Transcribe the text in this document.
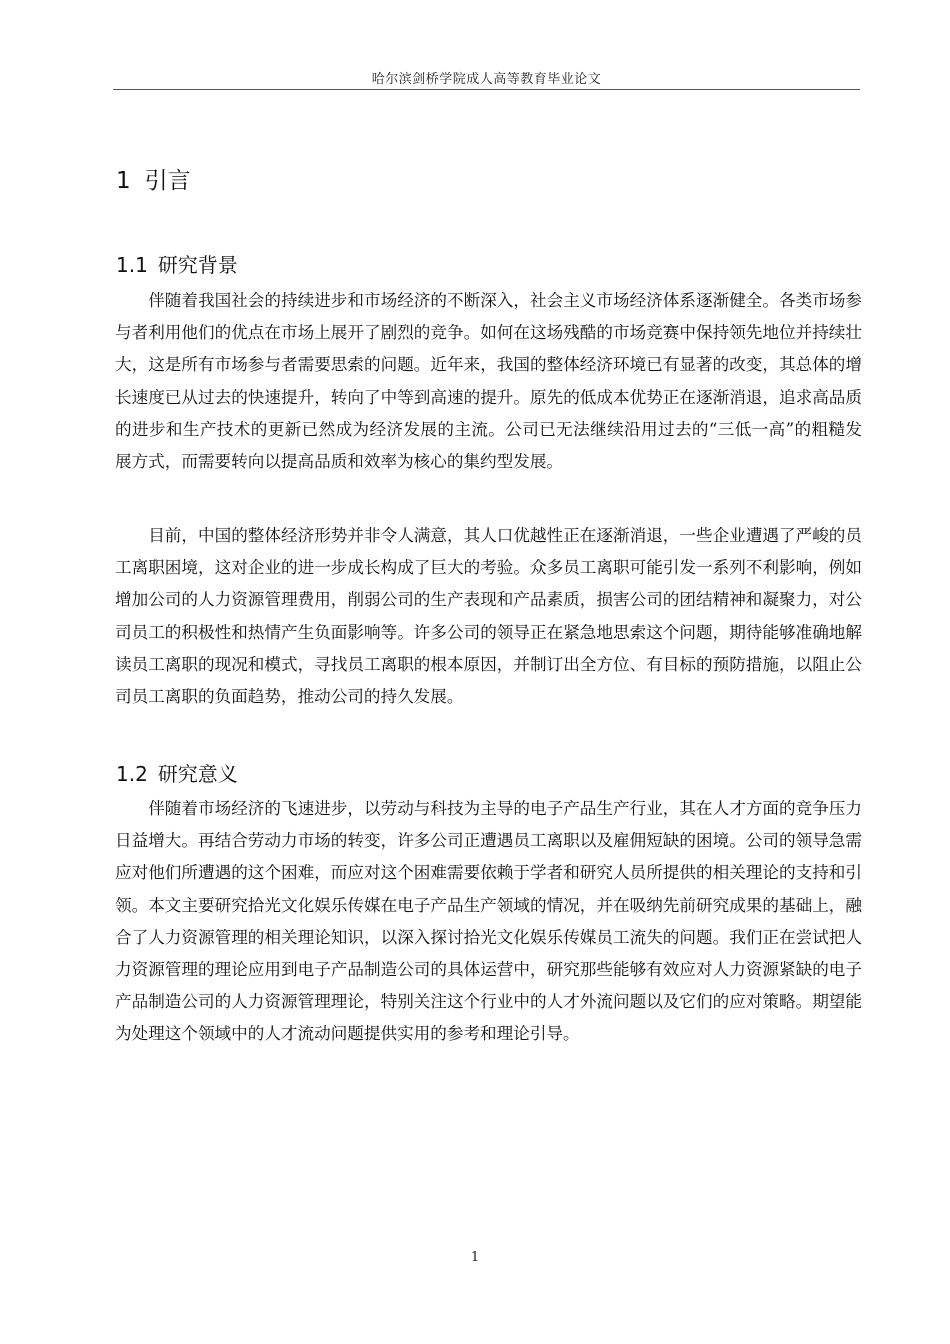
哈尔滨剑桥学院成人高等教育毕业论文
1 引言
1.1 研究背景

伴随着我国社会的持续进步和市场经济的不断深入，社会主义市场经济体系逐渐健全。各类市场参与者利用他们的优点在市场上展开了剧烈的竞争。如何在这场残酷的市场竞赛中保持领先地位并持续壮大，这是所有市场参与者需要思索的问题。近年来，我国的整体经济环境已有显著的改变，其总体的增长速度已从过去的快速提升，转向了中等到高速的提升。原先的低成本优势正在逐渐消退，追求高品质的进步和生产技术的更新已然成为经济发展的主流。公司已无法继续沿用过去的“三低一高”的粗糙发展方式，而需要转向以提高品质和效率为核心的集约型发展。

目前，中国的整体经济形势并非令人满意，其人口优越性正在逐渐消退，一些企业遭遇了严峻的员工离职困境，这对企业的进一步成长构成了巨大的考验。众多员工离职可能引发一系列不利影响，例如增加公司的人力资源管理费用，削弱公司的生产表现和产品素质，损害公司的团结精神和凝聚力，对公司员工的积极性和热情产生负面影响等。许多公司的领导正在紧急地思索这个问题，期待能够准确地解读员工离职的现况和模式，寻找员工离职的根本原因，并制订出全方位、有目标的预防措施，以阻止公司员工离职的负面趋势，推动公司的持久发展。

1.2 研究意义

伴随着市场经济的飞速进步，以劳动与科技为主导的电子产品生产行业，其在人才方面的竞争压力日益增大。再结合劳动力市场的转变，许多公司正遭遇员工离职以及雇佣短缺的困境。公司的领导急需应对他们所遭遇的这个困难，而应对这个困难需要依赖于学者和研究人员所提供的相关理论的支持和引领。本文主要研究拾光文化娱乐传媒在电子产品生产领域的情况，并在吸纳先前研究成果的基础上，融合了人力资源管理的相关理论知识，以深入探讨拾光文化娱乐传媒员工流失的问题。我们正在尝试把人力资源管理的理论应用到电子产品制造公司的具体运营中，研究那些能够有效应对人力资源紧缺的电子产品制造公司的人力资源管理理论，特别关注这个行业中的人才外流问题以及它们的应对策略。期望能为处理这个领域中的人才流动问题提供实用的参考和理论引导。

1
